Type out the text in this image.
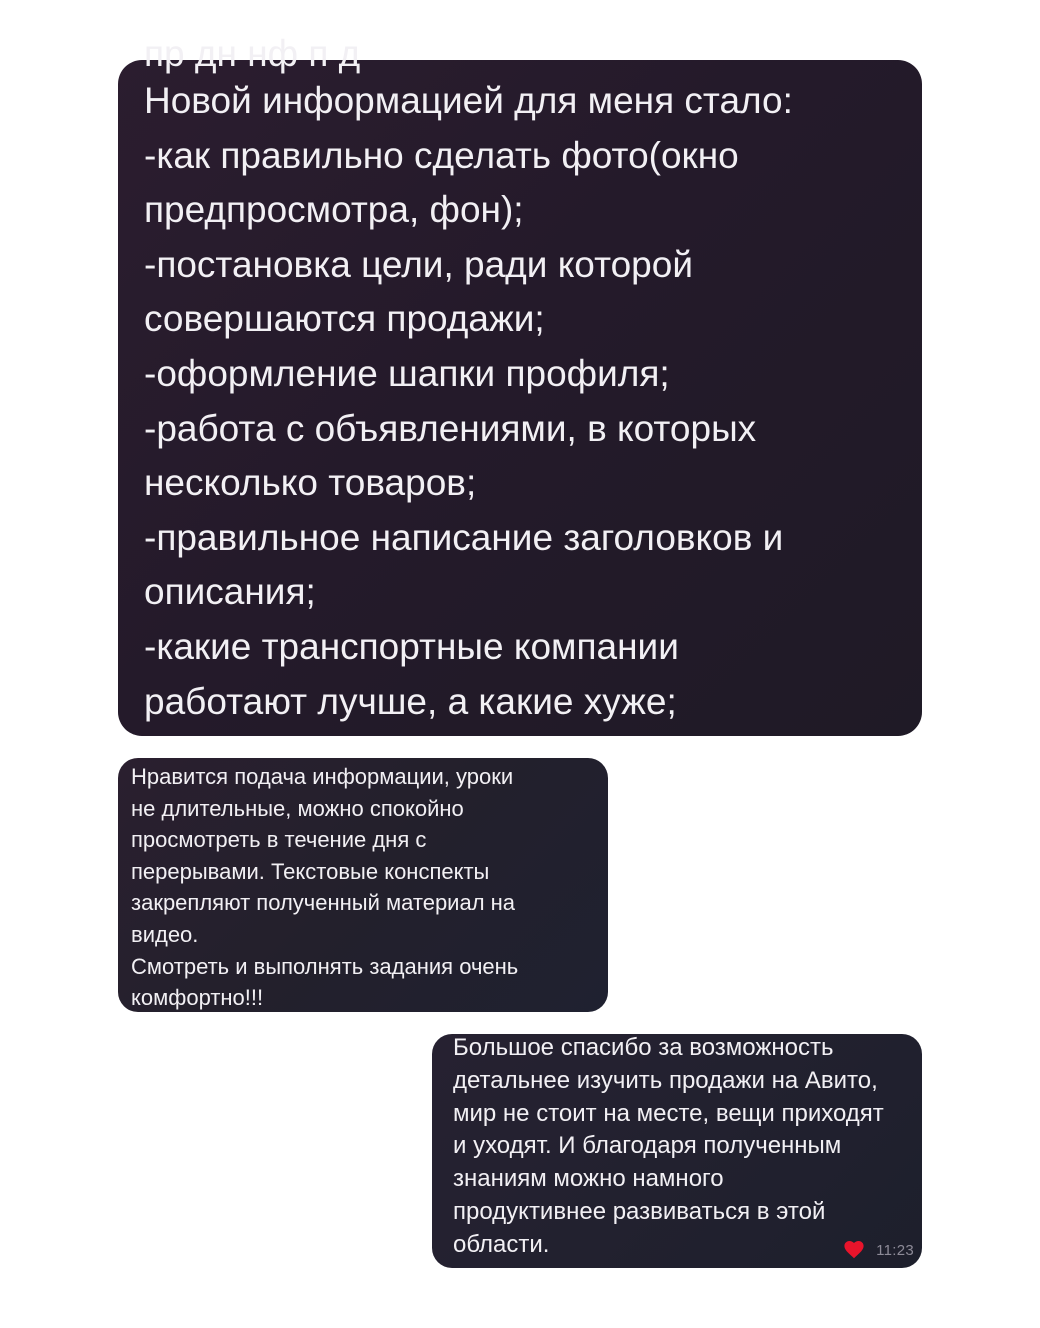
пр дн нф п д
Новой информацией для меня стало:
-как правильно сделать фото(окно
предпросмотра, фон);
-постановка цели, ради которой
совершаются продажи;
-оформление шапки профиля;
-работа с объявлениями, в которых
несколько товаров;
-правильное написание заголовков и
описания;
-какие транспортные компании
работают лучше, а какие хуже;
Нравится подача информации, уроки
не длительные, можно спокойно
просмотреть в течение дня с
перерывами. Текстовые конспекты
закрепляют полученный материал на
видео.
Смотреть и выполнять задания очень
комфортно!!!
Большое спасибо за возможность
детальнее изучить продажи на Авито,
мир не стоит на месте, вещи приходят
и уходят. И благодаря полученным
знаниям можно намного
продуктивнее развиваться в этой
области.	11:23
